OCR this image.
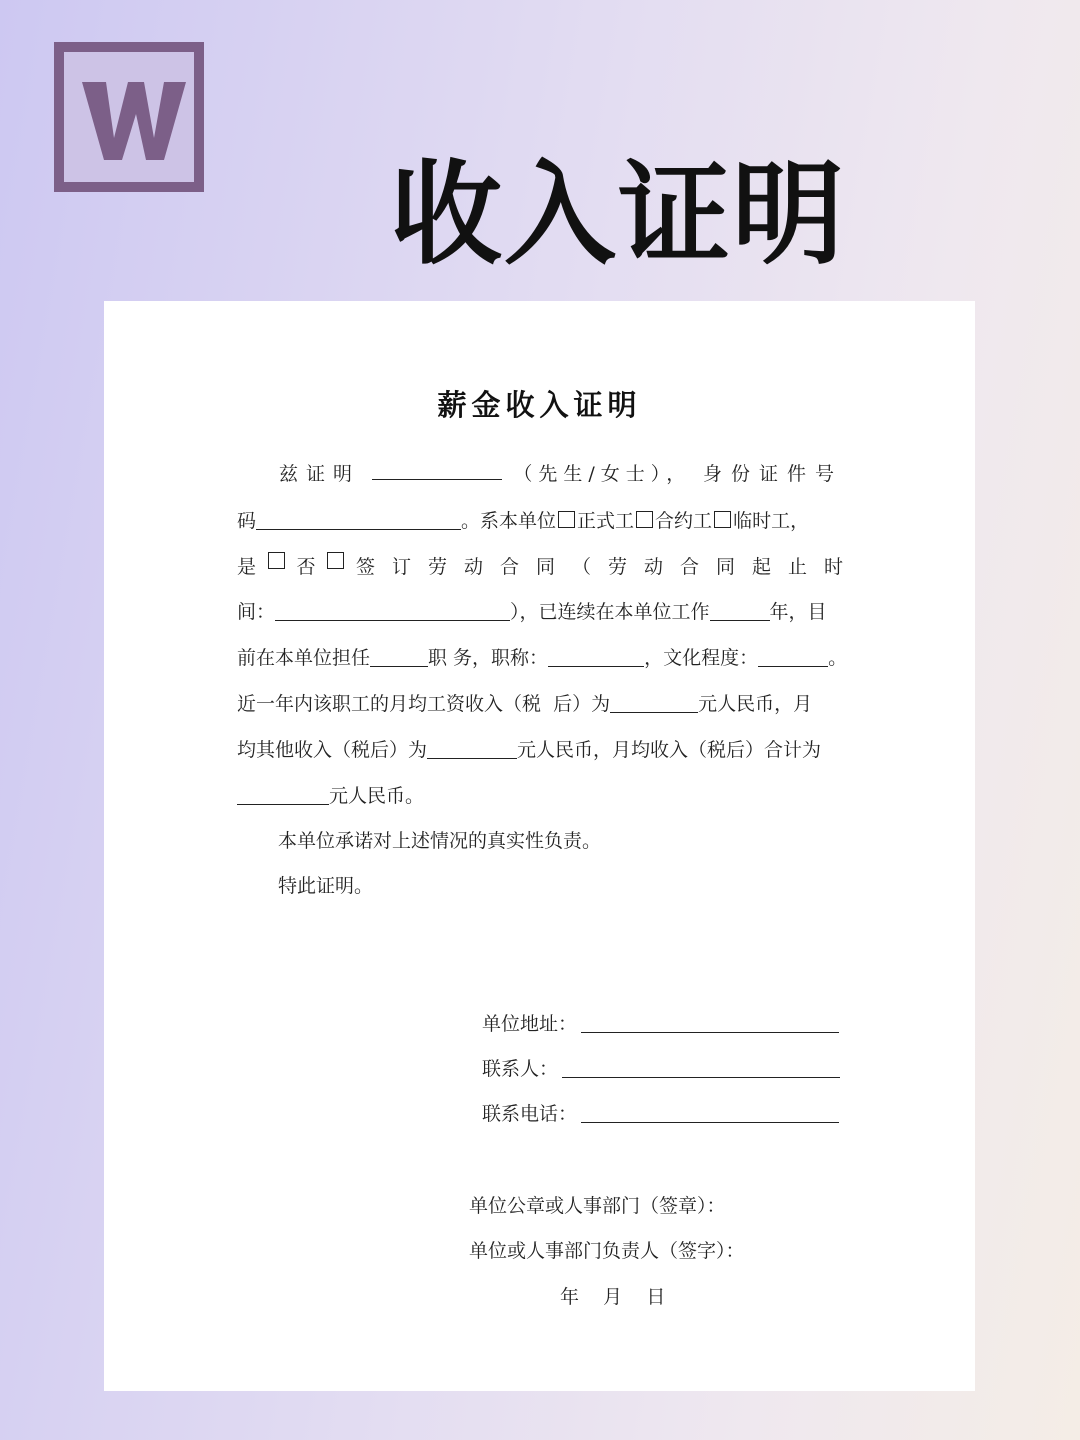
收入证明
薪金收入证明
兹证明	（先生/女士）， 身份证件号
码	。系本单位 正式工 合约工 临时工，
是 否 签订劳动合同（劳动合同起止时
间：	），已连续在本单位工作	年，目
前在本单位担任	职 务，职称：	，文化程度：	。
近一年内该职工的月均工资收入（税  后）为	元人民币，月
均其他收入（税后）为	元人民币，月均收入（税后）合计为
元人民币。
本单位承诺对上述情况的真实性负责。
特此证明。
单位地址：
联系人：
联系电话：
单位公章或人事部门（签章）：
单位或人事部门负责人（签字）：
年    月    日
